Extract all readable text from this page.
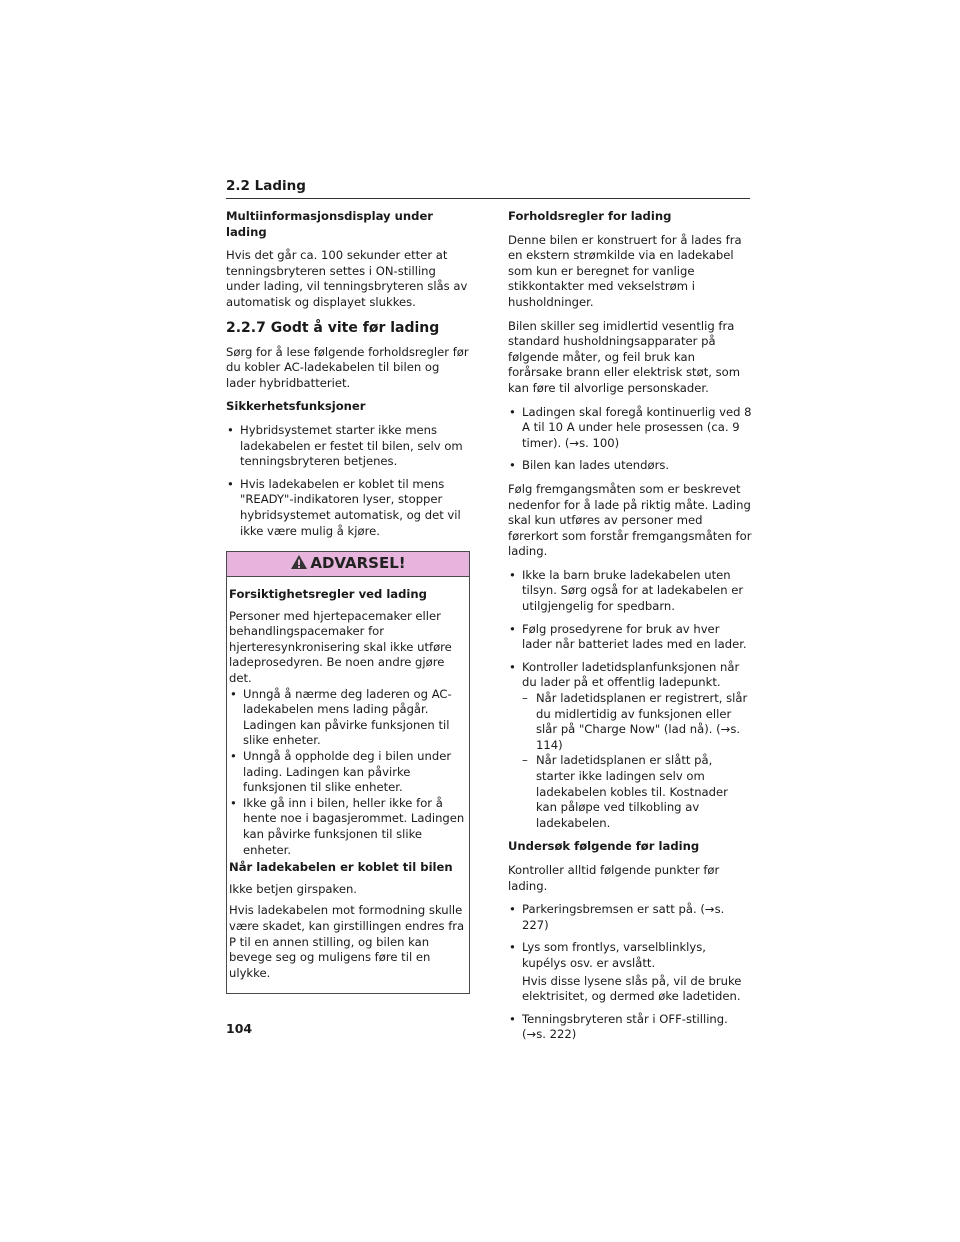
2.2 Lading
Multiinformasjonsdisplay under lading

Hvis det går ca. 100 sekunder etter at tenningsbryteren settes i ON-stilling under lading, vil tenningsbryteren slås av automatisk og displayet slukkes.

2.2.7 Godt å vite før lading

Sørg for å lese følgende forholdsregler før du kobler AC-ladekabelen til bilen og lader hybridbatteriet.

Sikkerhetsfunksjoner
• Hybridsystemet starter ikke mens ladekabelen er festet til bilen, selv om tenningsbryteren betjenes.
• Hvis ladekabelen er koblet til mens "READY"-indikatoren lyser, stopper hybridsystemet automatisk, og det vil ikke være mulig å kjøre.
ADVARSEL!
Forsiktighetsregler ved lading

Personer med hjertepacemaker eller behandlingspacemaker for hjerteresynkronisering skal ikke utføre ladeprosedyren. Be noen andre gjøre det.

• Unngå å nærme deg laderen og AC-ladekabelen mens lading pågår. Ladingen kan påvirke funksjonen til slike enheter.
• Unngå å oppholde deg i bilen under lading. Ladingen kan påvirke funksjonen til slike enheter.
• Ikke gå inn i bilen, heller ikke for å hente noe i bagasjerommet. Ladingen kan påvirke funksjonen til slike enheter.
Når ladekabelen er koblet til bilen

Ikke betjen girspaken.

Hvis ladekabelen mot formodning skulle være skadet, kan girstillingen endres fra P til en annen stilling, og bilen kan bevege seg og muligens føre til en ulykke.

Forholdsregler for lading

Denne bilen er konstruert for å lades fra en ekstern strømkilde via en ladekabel som kun er beregnet for vanlige stikkontakter med vekselstrøm i husholdninger.

Bilen skiller seg imidlertid vesentlig fra standard husholdningsapparater på følgende måter, og feil bruk kan forårsake brann eller elektrisk støt, som kan føre til alvorlige personskader.

• Ladingen skal foregå kontinuerlig ved 8 A til 10 A under hele prosessen (ca. 9 timer). (→s. 100)
• Bilen kan lades utendørs.

Følg fremgangsmåten som er beskrevet nedenfor for å lade på riktig måte. Lading skal kun utføres av personer med førerkort som forstår fremgangsmåten for lading.

• Ikke la barn bruke ladekabelen uten tilsyn. Sørg også for at ladekabelen er utilgjengelig for spedbarn.
• Følg prosedyrene for bruk av hver lader når batteriet lades med en lader.
• Kontroller ladetidsplanfunksjonen når du lader på et offentlig ladepunkt.
– Når ladetidsplanen er registrert, slår du midlertidig av funksjonen eller slår på "Charge Now" (lad nå). (→s. 114)
– Når ladetidsplanen er slått på, starter ikke ladingen selv om ladekabelen kobles til. Kostnader kan påløpe ved tilkobling av ladekabelen.
Undersøk følgende før lading

Kontroller alltid følgende punkter før lading.

• Parkeringsbremsen er satt på. (→s. 227)
• Lys som frontlys, varselblinklys, kupélys osv. er avslått.
Hvis disse lysene slås på, vil de bruke elektrisitet, og dermed øke ladetiden.
• Tenningsbryteren står i OFF-stilling. (→s. 222)
104
